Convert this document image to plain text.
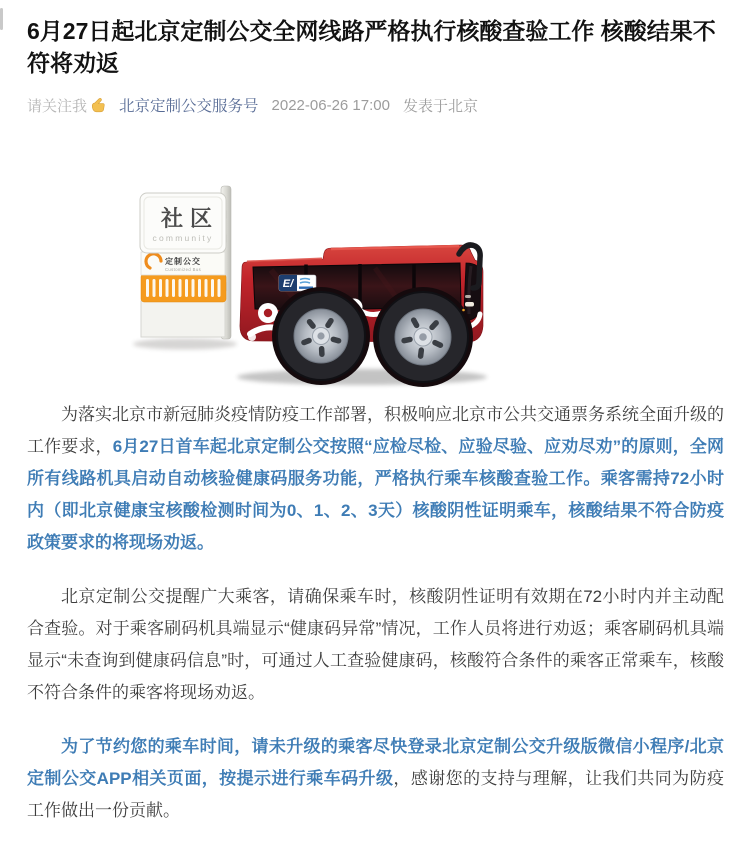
6月27日起北京定制公交全网线路严格执行核酸查验工作 核酸结果不符将劝返
请关注我 北京定制公交服务号 2022-06-26 17:00 发表于北京
定制公交
Customized Bus
社区
community
E/

为落实北京市新冠肺炎疫情防疫工作部署，积极响应北京市公共交通票务系统全面升级的工作要求，6月27日首车起北京定制公交按照“应检尽检、应验尽验、应劝尽劝”的原则，全网所有线路机具启动自动核验健康码服务功能，严格执行乘车核酸查验工作。乘客需持72小时内（即北京健康宝核酸检测时间为0、1、2、3天）核酸阴性证明乘车，核酸结果不符合防疫政策要求的将现场劝返。

北京定制公交提醒广大乘客，请确保乘车时，核酸阴性证明有效期在72小时内并主动配合查验。对于乘客刷码机具端显示“健康码异常”情况，工作人员将进行劝返；乘客刷码机具端显示“未查询到健康码信息”时，可通过人工查验健康码，核酸符合条件的乘客正常乘车，核酸不符合条件的乘客将现场劝返。

为了节约您的乘车时间，请未升级的乘客尽快登录北京定制公交升级版微信小程序/北京定制公交APP相关页面，按提示进行乘车码升级，感谢您的支持与理解，让我们共同为防疫工作做出一份贡献。
